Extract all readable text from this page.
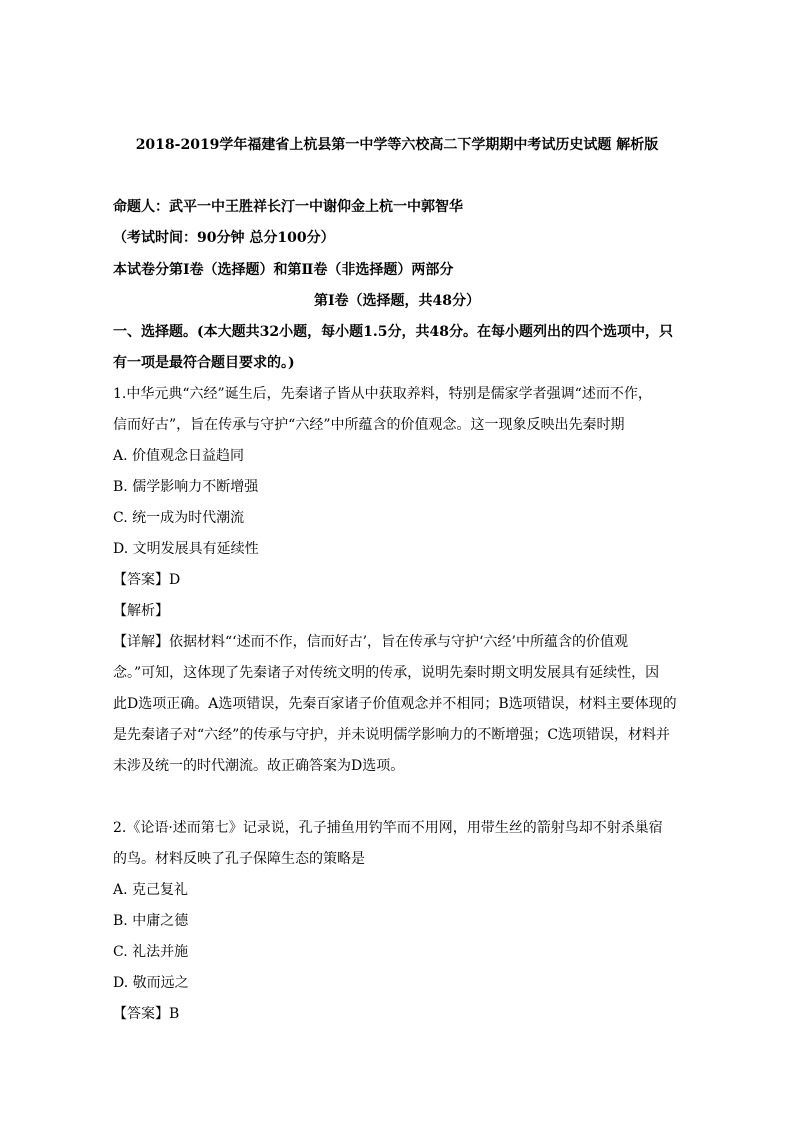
2018-2019学年福建省上杭县第一中学等六校高二下学期期中考试历史试题 解析版
命题人：武平一中王胜祥长汀一中谢仰金上杭一中郭智华
（考试时间：90分钟 总分100分）
本试卷分第Ⅰ卷（选择题）和第Ⅱ卷（非选择题）两部分
第Ⅰ卷（选择题，共48分）
一、选择题。(本大题共32小题，每小题1.5分，共48分。在每小题列出的四个选项中，只
有一项是最符合题目要求的。)
1.中华元典“六经”诞生后，先秦诸子皆从中获取养料，特别是儒家学者强调“述而不作，
信而好古”，旨在传承与守护“六经”中所蕴含的价值观念。这一现象反映出先秦时期
A. 价值观念日益趋同
B. 儒学影响力不断增强
C. 统一成为时代潮流
D. 文明发展具有延续性
【答案】D
【解析】
【详解】依据材料“‘述而不作，信而好古’，旨在传承与守护‘六经’中所蕴含的价值观
念。”可知，这体现了先秦诸子对传统文明的传承，说明先秦时期文明发展具有延续性，因
此D选项正确。A选项错误，先秦百家诸子价值观念并不相同；B选项错误，材料主要体现的
是先秦诸子对“六经”的传承与守护，并未说明儒学影响力的不断增强；C选项错误，材料并
未涉及统一的时代潮流。故正确答案为D选项。
2.《论语·述而第七》记录说，孔子捕鱼用钓竿而不用网，用带生丝的箭射鸟却不射杀巢宿
的鸟。材料反映了孔子保障生态的策略是
A. 克己复礼
B. 中庸之德
C. 礼法并施
D. 敬而远之
【答案】B
